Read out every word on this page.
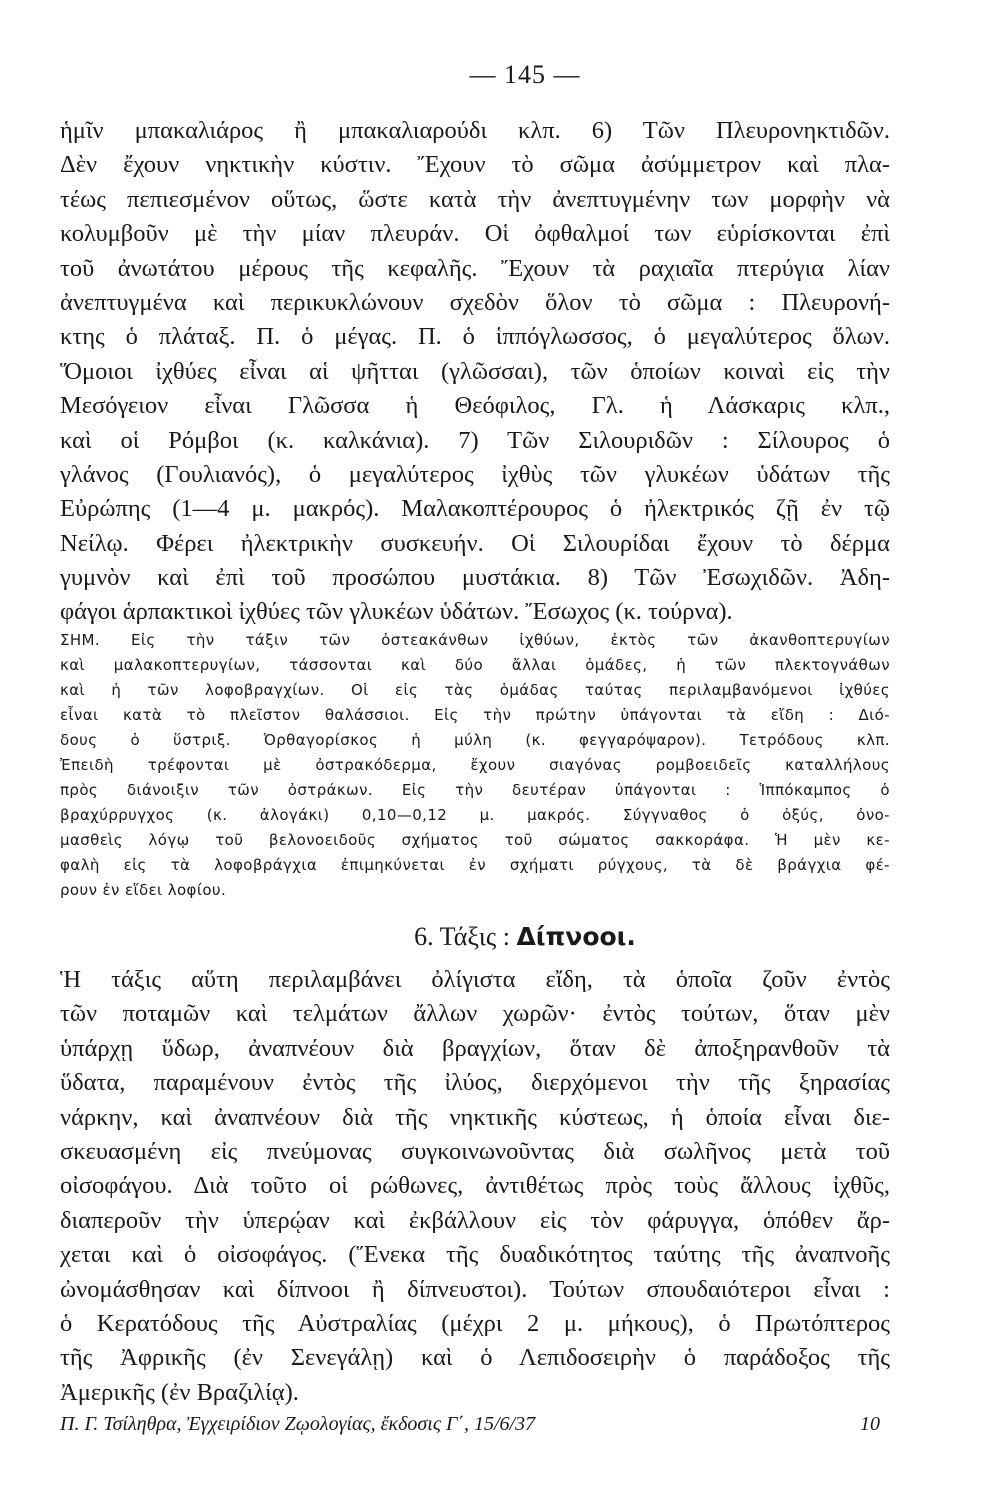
— 145 —
ἡμῖν μπακαλιάρος ἢ μπακαλιαρούδι κλπ. 6) Τῶν Πλευρονηκτιδῶν.
Δὲν ἔχουν νηκτικὴν κύστιν. Ἔχουν τὸ σῶμα ἀσύμμετρον καὶ πλα-
τέως πεπιεσμένον οὕτως, ὥστε κατὰ τὴν ἀνεπτυγμένην των μορφὴν νὰ
κολυμβοῦν μὲ τὴν μίαν πλευράν. Οἱ ὀφθαλμοί των εὑρίσκονται ἐπὶ
τοῦ ἀνωτάτου μέρους τῆς κεφαλῆς. Ἔχουν τὰ ραχιαῖα πτερύγια λίαν
ἀνεπτυγμένα καὶ περικυκλώνουν σχεδὸν ὅλον τὸ σῶμα : Πλευρονή-
κτης ὁ πλάταξ. Π. ὁ μέγας. Π. ὁ ἱππόγλωσσος, ὁ μεγαλύτερος ὅλων.
Ὅμοιοι ἰχθύες εἶναι αἱ ψῆτται (γλῶσσαι), τῶν ὁποίων κοιναὶ εἰς τὴν
Μεσόγειον εἶναι Γλῶσσα ἡ Θεόφιλος, Γλ. ἡ Λάσκαρις κλπ.,
καὶ οἱ Ρόμβοι (κ. καλκάνια). 7) Τῶν Σιλουριδῶν : Σίλουρος ὁ
γλάνος (Γουλιανός), ὁ μεγαλύτερος ἰχθὺς τῶν γλυκέων ὑδάτων τῆς
Εὐρώπης (1—4 μ. μακρός). Μαλακοπτέρουρος ὁ ἠλεκτρικός ζῇ ἐν τῷ
Νείλῳ. Φέρει ἠλεκτρικὴν συσκευήν. Οἱ Σιλουρίδαι ἔχουν τὸ δέρμα
γυμνὸν καὶ ἐπὶ τοῦ προσώπου μυστάκια. 8) Τῶν Ἐσωχιδῶν. Ἀδη-
φάγοι ἁρπακτικοὶ ἰχθύες τῶν γλυκέων ὑδάτων. Ἔσωχος (κ. τούρνα).
ΣΗΜ. Εἰς τὴν τάξιν τῶν ὀστεακάνθων ἰχθύων, ἐκτὸς τῶν ἀκανθοπτερυγίων
καὶ μαλακοπτερυγίων, τάσσονται καὶ δύο ἄλλαι ὁμάδες, ἡ τῶν πλεκτογνάθων
καὶ ἡ τῶν λοφοβραγχίων. Οἱ εἰς τὰς ὁμάδας ταύτας περιλαμβανόμενοι ἰχθύες
εἶναι κατὰ τὸ πλεῖστον θαλάσσιοι. Εἰς τὴν πρώτην ὑπάγονται τὰ εἴδη : Διό-
δους ὁ ὕστριξ. Ὀρθαγορίσκος ἡ μύλη (κ. φεγγαρόψαρον). Τετρόδους κλπ.
Ἐπειδὴ τρέφονται μὲ ὀστρακόδερμα, ἔχουν σιαγόνας ρομβοειδεῖς καταλλήλους
πρὸς διάνοιξιν τῶν ὀστράκων. Εἰς τὴν δευτέραν ὑπάγονται : Ἱππόκαμπος ὁ
βραχύρρυγχος (κ. ἀλογάκι) 0,10—0,12 μ. μακρός. Σύγγναθος ὁ ὀξύς, ὀνο-
μασθεὶς λόγῳ τοῦ βελονοειδοῦς σχήματος τοῦ σώματος σακκοράφα. Ἡ μὲν κε-
φαλὴ εἰς τὰ λοφοβράγχια ἐπιμηκύνεται ἐν σχήματι ρύγχους, τὰ δὲ βράγχια φέ-
ρουν ἐν εἴδει λοφίου.
6. Τάξις : Δίπνοοι.
Ἡ τάξις αὕτη περιλαμβάνει ὀλίγιστα εἴδη, τὰ ὁποῖα ζοῦν ἐντὸς
τῶν ποταμῶν καὶ τελμάτων ἄλλων χωρῶν· ἐντὸς τούτων, ὅταν μὲν
ὑπάρχῃ ὕδωρ, ἀναπνέουν διὰ βραγχίων, ὅταν δὲ ἀποξηρανθοῦν τὰ
ὕδατα, παραμένουν ἐντὸς τῆς ἰλύος, διερχόμενοι τὴν τῆς ξηρασίας
νάρκην, καὶ ἀναπνέουν διὰ τῆς νηκτικῆς κύστεως, ἡ ὁποία εἶναι διε-
σκευασμένη εἰς πνεύμονας συγκοινωνοῦντας διὰ σωλῆνος μετὰ τοῦ
οἰσοφάγου. Διὰ τοῦτο οἱ ρώθωνες, ἀντιθέτως πρὸς τοὺς ἄλλους ἰχθῦς,
διαπεροῦν τὴν ὑπερῴαν καὶ ἐκβάλλουν εἰς τὸν φάρυγγα, ὁπόθεν ἄρ-
χεται καὶ ὁ οἰσοφάγος. (Ἕνεκα τῆς δυαδικότητος ταύτης τῆς ἀναπνοῆς
ὠνομάσθησαν καὶ δίπνοοι ἢ δίπνευστοι). Τούτων σπουδαιότεροι εἶναι :
ὁ Κερατόδους τῆς Αὐστραλίας (μέχρι 2 μ. μήκους), ὁ Πρωτόπτερος
τῆς Ἀφρικῆς (ἐν Σενεγάλῃ) καὶ ὁ Λεπιδοσειρὴν ὁ παράδοξος τῆς
Ἀμερικῆς (ἐν Βραζιλίᾳ).
Π. Γ. Τσίληθρα, Ἐγχειρίδιον Ζῳολογίας, ἔκδοσις Γ΄, 15/6/37	10
